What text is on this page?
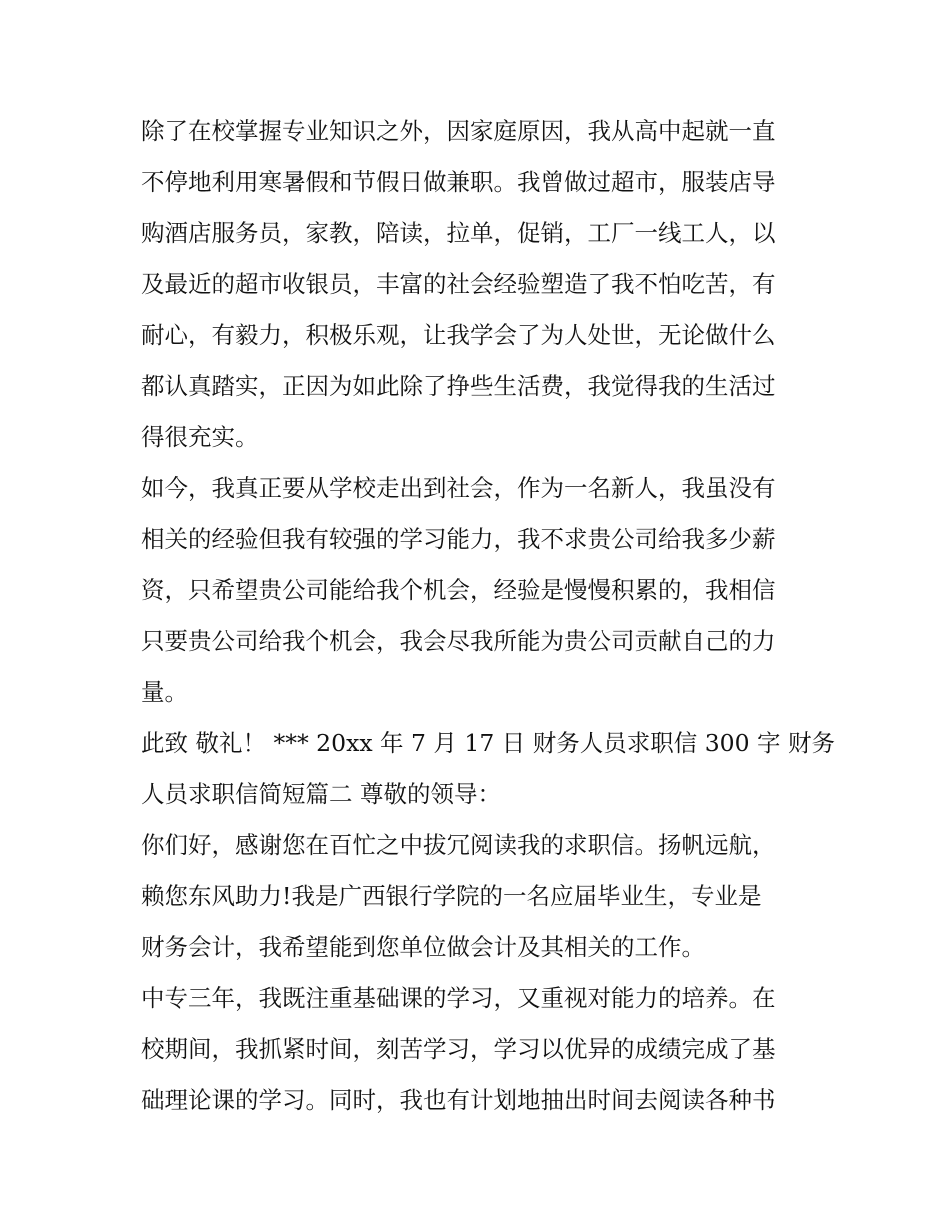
除了在校掌握专业知识之外，因家庭原因，我从高中起就一直
不停地利用寒暑假和节假日做兼职。我曾做过超市，服装店导
购酒店服务员，家教，陪读，拉单，促销，工厂一线工人，以
及最近的超市收银员，丰富的社会经验塑造了我不怕吃苦，有
耐心，有毅力，积极乐观，让我学会了为人处世，无论做什么
都认真踏实，正因为如此除了挣些生活费，我觉得我的生活过
得很充实。

如今，我真正要从学校走出到社会，作为一名新人，我虽没有
相关的经验但我有较强的学习能力，我不求贵公司给我多少薪
资，只希望贵公司能给我个机会，经验是慢慢积累的，我相信
只要贵公司给我个机会，我会尽我所能为贵公司贡献自己的力
量。

此致 敬礼！ *** 20xx 年 7 月 17 日 财务人员求职信 300 字 财务
人员求职信简短篇二 尊敬的领导：

你们好，感谢您在百忙之中拔冗阅读我的求职信。扬帆远航，
赖您东风助力!我是广西银行学院的一名应届毕业生，专业是
财务会计，我希望能到您单位做会计及其相关的工作。

中专三年，我既注重基础课的学习，又重视对能力的培养。在
校期间，我抓紧时间，刻苦学习，学习以优异的成绩完成了基
础理论课的学习。同时，我也有计划地抽出时间去阅读各种书
